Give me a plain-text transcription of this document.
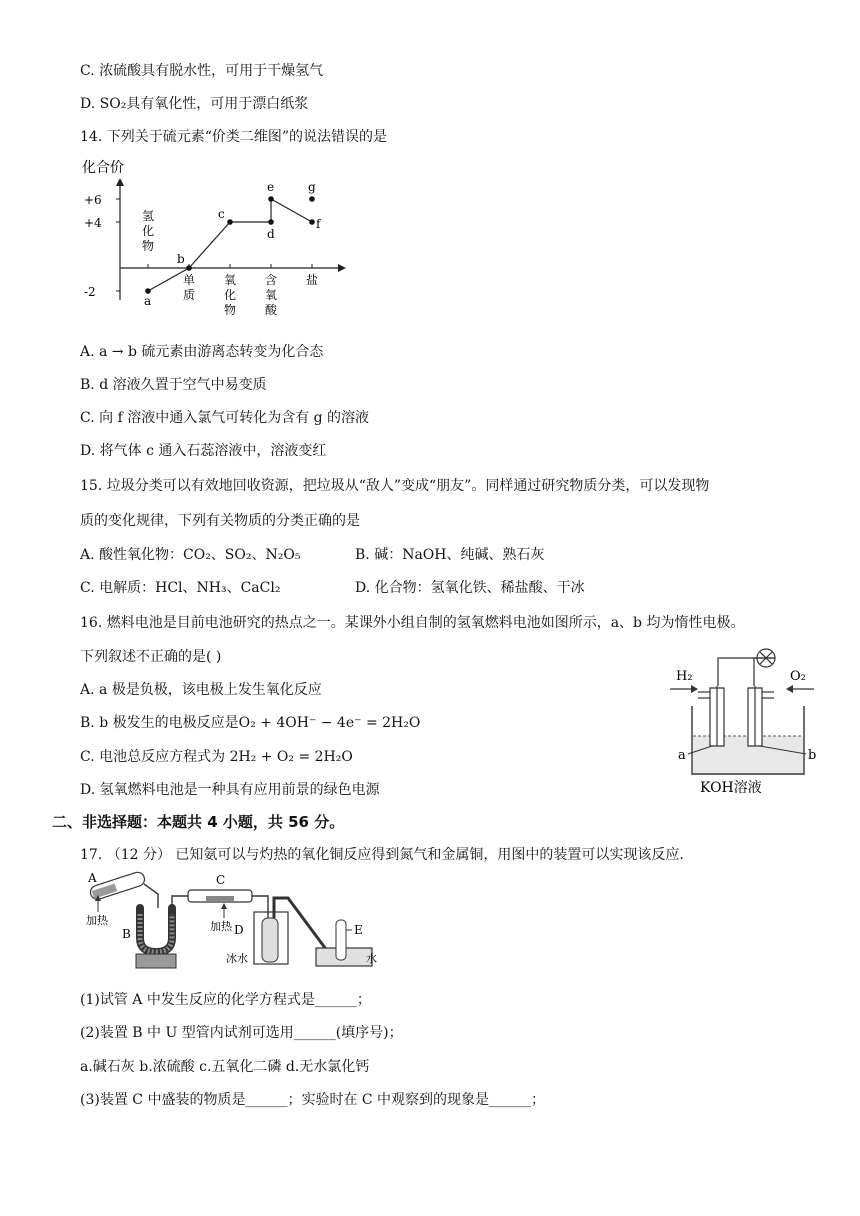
C. 浓硫酸具有脱水性，可用于干燥氢气
D. SO₂具有氧化性，可用于漂白纸浆
14. 下列关于硫元素“价类二维图”的说法错误的是
化合价
+6
+4
-2
氢
化
物
单
质
氧
化
物
含
氧
酸
盐
a
b
c
d
e
f
g
A. a → b 硫元素由游离态转变为化合态
B. d 溶液久置于空气中易变质
C. 向 f 溶液中通入氯气可转化为含有 g 的溶液
D. 将气体 c 通入石蕊溶液中，溶液变红
15. 垃圾分类可以有效地回收资源，把垃圾从“敌人”变成“朋友”。同样通过研究物质分类，可以发现物
质的变化规律，下列有关物质的分类正确的是
A. 酸性氧化物：CO₂、SO₂、N₂O₅	B. 碱：NaOH、纯碱、熟石灰
C. 电解质：HCl、NH₃、CaCl₂	D. 化合物：氢氧化铁、稀盐酸、干冰
16. 燃料电池是目前电池研究的热点之一。某课外小组自制的氢氧燃料电池如图所示，a、b 均为惰性电极。
下列叙述不正确的是( )
A. a 极是负极，该电极上发生氧化反应
B. b 极发生的电极反应是O₂ + 4OH⁻ − 4e⁻ = 2H₂O
C. 电池总反应方程式为 2H₂ + O₂ = 2H₂O
D. 氢氧燃料电池是一种具有应用前景的绿色电源
H₂	O₂
a	b
KOH溶液
二、非选择题：本题共 4 小题，共 56 分。
17. （12 分） 已知氨可以与灼热的氧化铜反应得到氮气和金属铜，用图中的装置可以实现该反应.
A
加热
B
C
加热 D
冰水
E
水
(1)试管 A 中发生反应的化学方程式是______；
(2)装置 B 中 U 型管内试剂可选用______(填序号)；
a.碱石灰 b.浓硫酸 c.五氧化二磷 d.无水氯化钙
(3)装置 C 中盛装的物质是______；实验时在 C 中观察到的现象是______；
